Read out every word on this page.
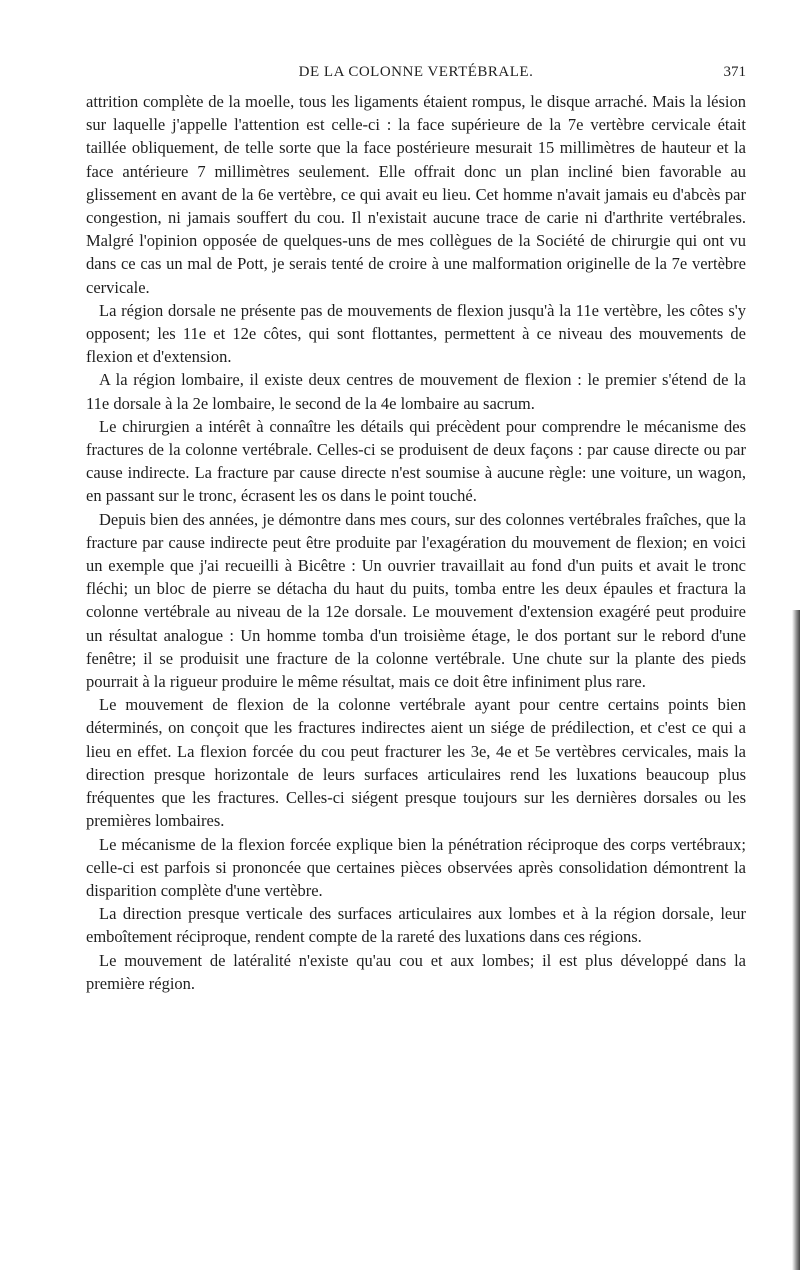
DE LA COLONNE VERTÉBRALE.	371

attrition complète de la moelle, tous les ligaments étaient rompus, le disque arraché. Mais la lésion sur laquelle j'appelle l'attention est celle-ci : la face supérieure de la 7e vertèbre cervicale était taillée obliquement, de telle sorte que la face postérieure mesurait 15 millimètres de hauteur et la face antérieure 7 millimètres seulement. Elle offrait donc un plan incliné bien favorable au glissement en avant de la 6e vertèbre, ce qui avait eu lieu. Cet homme n'avait jamais eu d'abcès par congestion, ni jamais souffert du cou. Il n'existait aucune trace de carie ni d'arthrite vertébrales. Malgré l'opinion opposée de quelques-uns de mes collègues de la Société de chirurgie qui ont vu dans ce cas un mal de Pott, je serais tenté de croire à une malformation originelle de la 7e vertèbre cervicale.

La région dorsale ne présente pas de mouvements de flexion jusqu'à la 11e vertèbre, les côtes s'y opposent; les 11e et 12e côtes, qui sont flottantes, permettent à ce niveau des mouvements de flexion et d'extension.

A la région lombaire, il existe deux centres de mouvement de flexion : le premier s'étend de la 11e dorsale à la 2e lombaire, le second de la 4e lombaire au sacrum.

Le chirurgien a intérêt à connaître les détails qui précèdent pour comprendre le mécanisme des fractures de la colonne vertébrale. Celles-ci se produisent de deux façons : par cause directe ou par cause indirecte. La fracture par cause directe n'est soumise à aucune règle: une voiture, un wagon, en passant sur le tronc, écrasent les os dans le point touché.

Depuis bien des années, je démontre dans mes cours, sur des colonnes vertébrales fraîches, que la fracture par cause indirecte peut être produite par l'exagération du mouvement de flexion; en voici un exemple que j'ai recueilli à Bicêtre : Un ouvrier travaillait au fond d'un puits et avait le tronc fléchi; un bloc de pierre se détacha du haut du puits, tomba entre les deux épaules et fractura la colonne vertébrale au niveau de la 12e dorsale. Le mouvement d'extension exagéré peut produire un résultat analogue : Un homme tomba d'un troisième étage, le dos portant sur le rebord d'une fenêtre; il se produisit une fracture de la colonne vertébrale. Une chute sur la plante des pieds pourrait à la rigueur produire le même résultat, mais ce doit être infiniment plus rare.

Le mouvement de flexion de la colonne vertébrale ayant pour centre certains points bien déterminés, on conçoit que les fractures indirectes aient un siége de prédilection, et c'est ce qui a lieu en effet. La flexion forcée du cou peut fracturer les 3e, 4e et 5e vertèbres cervicales, mais la direction presque horizontale de leurs surfaces articulaires rend les luxations beaucoup plus fréquentes que les fractures. Celles-ci siégent presque toujours sur les dernières dorsales ou les premières lombaires.

Le mécanisme de la flexion forcée explique bien la pénétration réciproque des corps vertébraux; celle-ci est parfois si prononcée que certaines pièces observées après consolidation démontrent la disparition complète d'une vertèbre.

La direction presque verticale des surfaces articulaires aux lombes et à la région dorsale, leur emboîtement réciproque, rendent compte de la rareté des luxations dans ces régions.

Le mouvement de latéralité n'existe qu'au cou et aux lombes; il est plus développé dans la première région.
